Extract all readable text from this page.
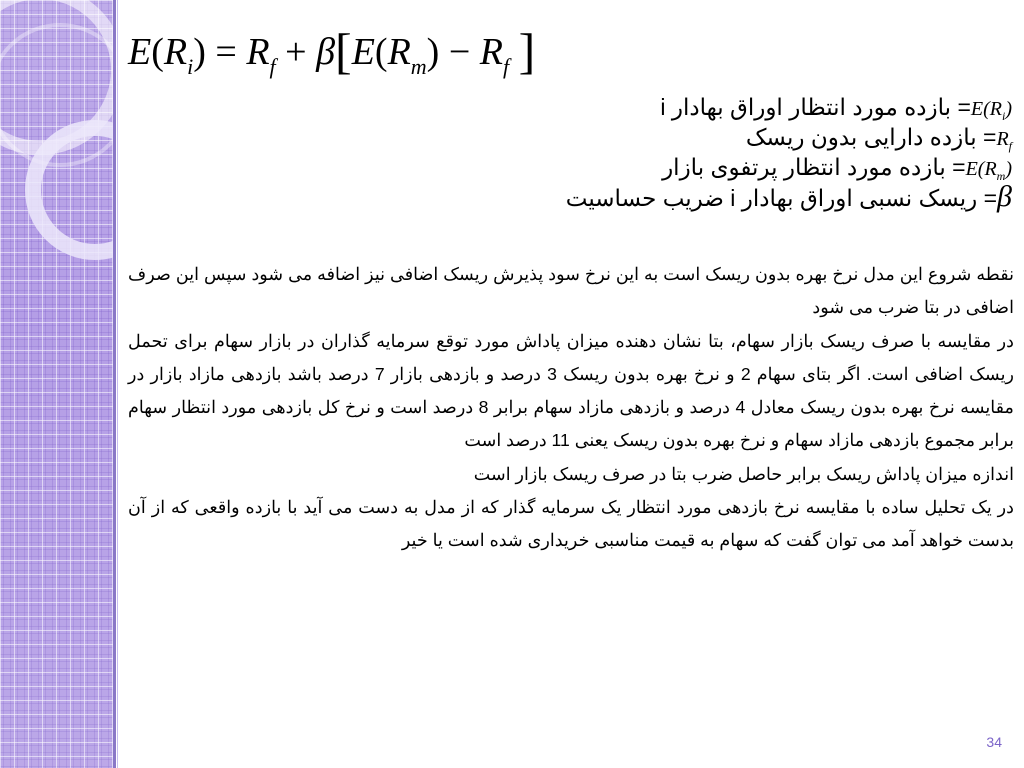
$E(R_i) = R_f + \beta[E(R_m) - R_f$ ]
$E(R_i)=$ بازده مورد انتظار اوراق بهادار i
$R_f=$ بازده دارایی بدون ریسک
$E(R_m)=$ بازده مورد انتظار پرتفوی بازار
β= ریسک نسبی اوراق بهادار i ضریب حساسیت

نقطه شروع این مدل نرخ بهره بدون ریسک است به این نرخ سود پذیرش ریسک اضافی نیز اضافه می شود سپس این صرف اضافی در بتا ضرب می شود

در مقایسه با صرف ریسک بازار سهام، بتا نشان دهنده میزان پاداش مورد توقع سرمایه گذاران در بازار سهام برای تحمل ریسک اضافی است. اگر بتای سهام 2 و نرخ بهره بدون ریسک 3 درصد و بازدهی بازار 7 درصد باشد بازدهی مازاد بازار در مقایسه نرخ بهره بدون ریسک معادل 4 درصد و بازدهی مازاد سهام برابر 8 درصد است و نرخ کل بازدهی مورد انتظار سهام برابر مجموع بازدهی مازاد سهام و نرخ بهره بدون ریسک یعنی 11 درصد است

اندازه میزان پاداش ریسک برابر حاصل ضرب بتا در صرف ریسک بازار است

در یک تحلیل ساده با مقایسه نرخ بازدهی مورد انتظار یک سرمایه گذار که از مدل به دست می آید با بازده واقعی که از آن بدست خواهد آمد می توان گفت که سهام به قیمت مناسبی خریداری شده است یا خیر

34
